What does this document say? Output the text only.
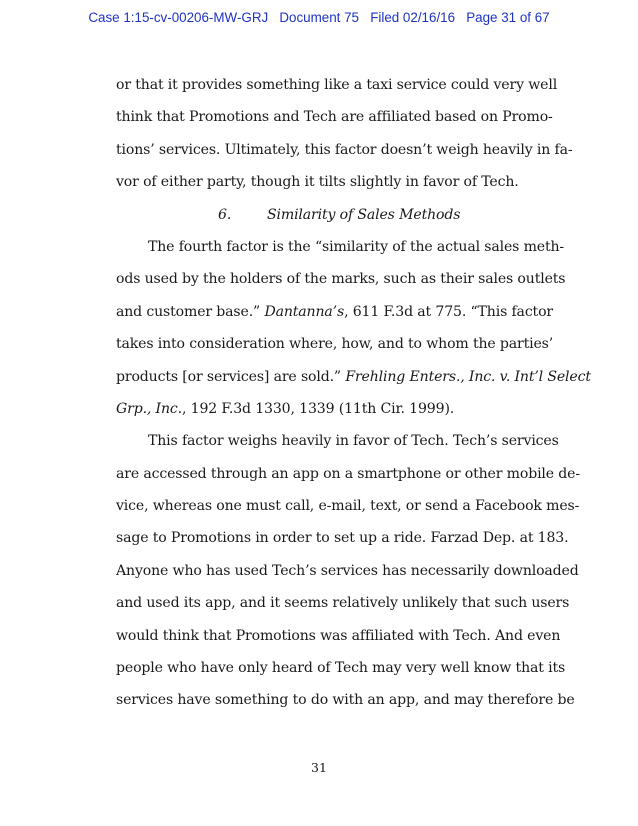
Case 1:15-cv-00206-MW-GRJ Document 75 Filed 02/16/16 Page 31 of 67
or that it provides something like a taxi service could very well
think that Promotions and Tech are affiliated based on Promo-
tions’ services. Ultimately, this factor doesn’t weigh heavily in fa-
vor of either party, though it tilts slightly in favor of Tech.
6.	Similarity of Sales Methods
The fourth factor is the “similarity of the actual sales meth-
ods used by the holders of the marks, such as their sales outlets
and customer base.” Dantanna’s, 611 F.3d at 775. “This factor
takes into consideration where, how, and to whom the parties’
products [or services] are sold.” Frehling Enters., Inc. v. Int’l Select
Grp., Inc., 192 F.3d 1330, 1339 (11th Cir. 1999).
This factor weighs heavily in favor of Tech. Tech’s services
are accessed through an app on a smartphone or other mobile de-
vice, whereas one must call, e-mail, text, or send a Facebook mes-
sage to Promotions in order to set up a ride. Farzad Dep. at 183.
Anyone who has used Tech’s services has necessarily downloaded
and used its app, and it seems relatively unlikely that such users
would think that Promotions was affiliated with Tech. And even
people who have only heard of Tech may very well know that its
services have something to do with an app, and may therefore be
31
